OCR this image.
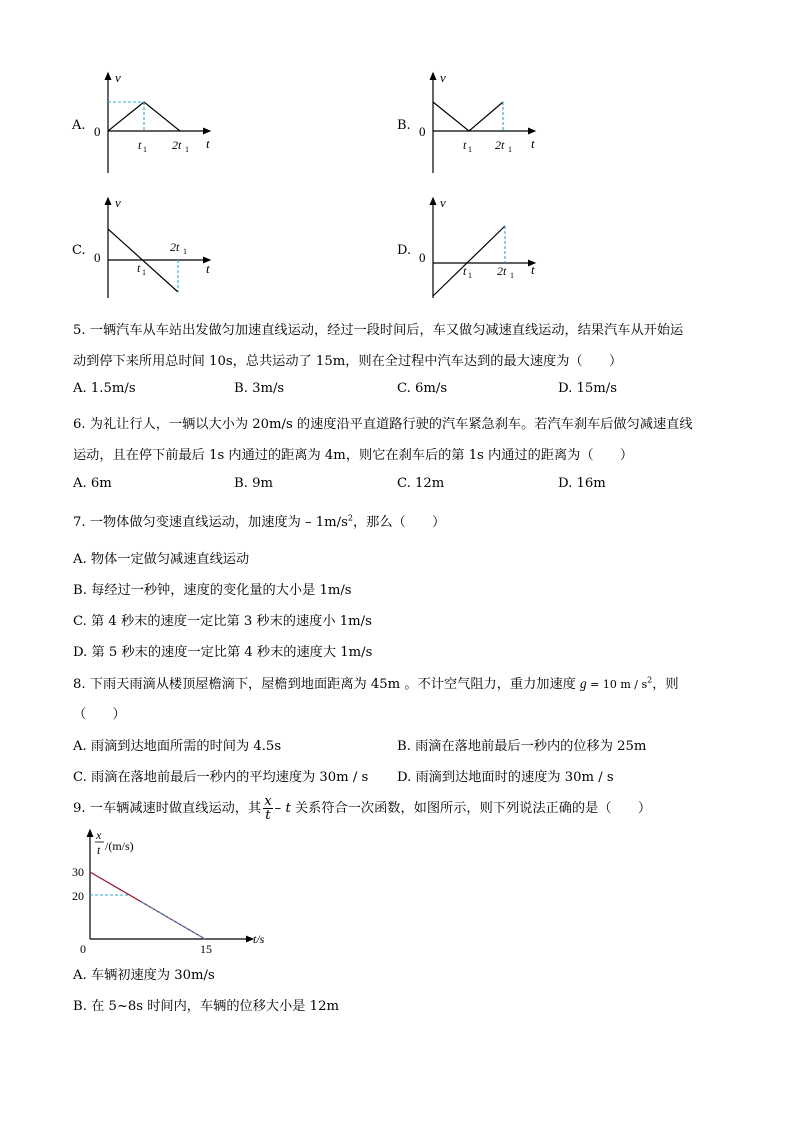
A.
v
0
t 1 2t 1 t
B.
v
0
t 1 2t 1 t
C.
v
0
t 1
2t 1
t
D.
v
0
t 1 2t 1 t
5. 一辆汽车从车站出发做匀加速直线运动，经过一段时间后，车又做匀减速直线运动，结果汽车从开始运
动到停下来所用总时间 10s，总共运动了 15m，则在全过程中汽车达到的最大速度为（　　）
A. 1.5m/s	B. 3m/s	C. 6m/s	D. 15m/s
6. 为礼让行人，一辆以大小为 20m/s 的速度沿平直道路行驶的汽车紧急刹车。若汽车刹车后做匀减速直线
运动，且在停下前最后 1s 内通过的距离为 4m，则它在刹车后的第 1s 内通过的距离为（　　）
A. 6m	B. 9m	C. 12m	D. 16m
7. 一物体做匀变速直线运动，加速度为 – $1m/s^2$，那么（　　）
A. 物体一定做匀减速直线运动
B. 每经过一秒钟，速度的变化量的大小是 1m/s
C. 第 4 秒末的速度一定比第 3 秒末的速度小 1m/s
D. 第 5 秒末的速度一定比第 4 秒末的速度大 1m/s
8. 下雨天雨滴从楼顶屋檐滴下，屋檐到地面距离为 45m 。不计空气阻力，重力加速度 g = 10 m / $s^2$，则
（　　）
A. 雨滴到达地面所需的时间为 4.5s	B. 雨滴在落地前最后一秒内的位移为 25m
C. 雨滴在落地前最后一秒内的平均速度为 30m / s D. 雨滴到达地面时的速度为 30m / s
9. 一车辆减速时做直线运动，其 $\frac{x}{t}$ – t 关系符合一次函数，如图所示，则下列说法正确的是（　　）
x
t /(m/s)
30
20
0	15
t/s
A. 车辆初速度为 30m/s
B. 在 5~8s 时间内，车辆的位移大小是 12m
